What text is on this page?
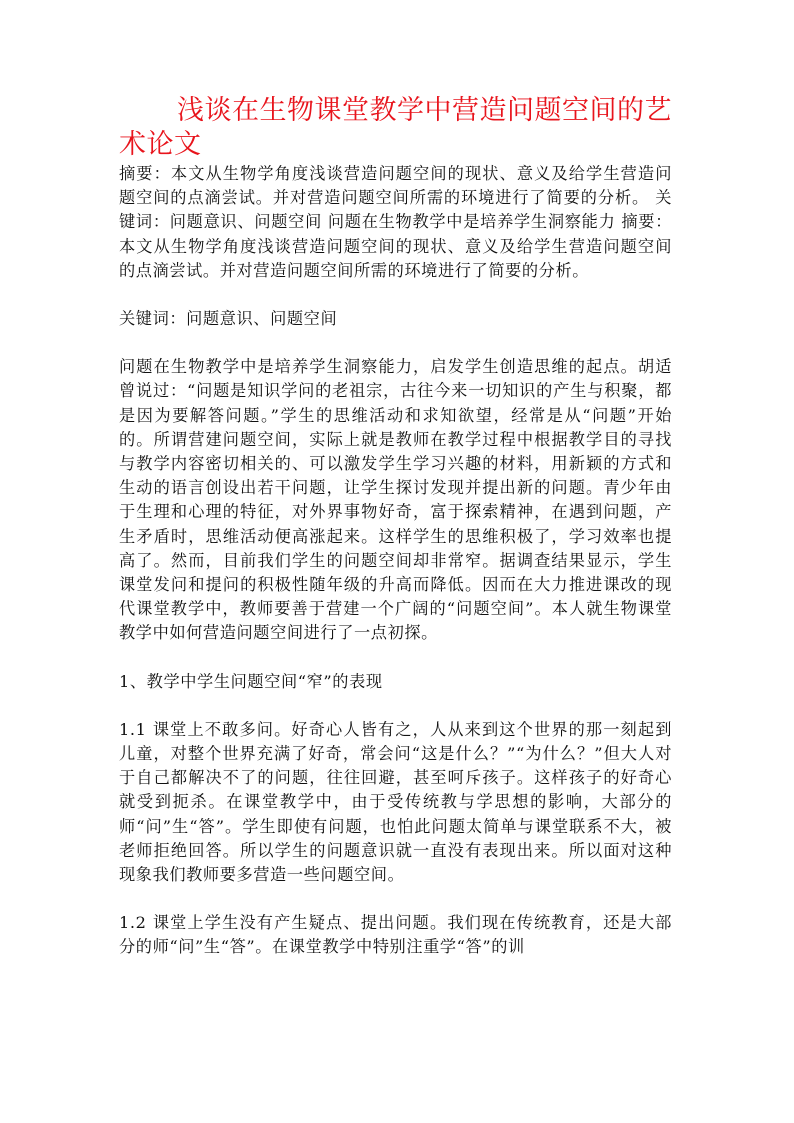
浅谈在生物课堂教学中营造问题空间的艺术论文

摘要：本文从生物学角度浅谈营造问题空间的现状、意义及给学生营造问题空间的点滴尝试。并对营造问题空间所需的环境进行了简要的分析。 关键词：问题意识、问题空间 问题在生物教学中是培养学生洞察能力 摘要：本文从生物学角度浅谈营造问题空间的现状、意义及给学生营造问题空间的点滴尝试。并对营造问题空间所需的环境进行了简要的分析。

关键词：问题意识、问题空间

问题在生物教学中是培养学生洞察能力，启发学生创造思维的起点。胡适曾说过：“问题是知识学问的老祖宗，古往今来一切知识的产生与积聚，都是因为要解答问题。”学生的思维活动和求知欲望，经常是从“问题”开始的。所谓营建问题空间，实际上就是教师在教学过程中根据教学目的寻找与教学内容密切相关的、可以激发学生学习兴趣的材料，用新颖的方式和生动的语言创设出若干问题，让学生探讨发现并提出新的问题。青少年由于生理和心理的特征，对外界事物好奇，富于探索精神，在遇到问题，产生矛盾时，思维活动便高涨起来。这样学生的思维积极了，学习效率也提高了。然而，目前我们学生的问题空间却非常窄。据调查结果显示，学生课堂发问和提问的积极性随年级的升高而降低。因而在大力推进课改的现代课堂教学中，教师要善于营建一个广阔的“问题空间”。本人就生物课堂教学中如何营造问题空间进行了一点初探。

1、教学中学生问题空间“窄”的表现

1.1 课堂上不敢多问。好奇心人皆有之，人从来到这个世界的那一刻起到儿童，对整个世界充满了好奇，常会问“这是什么？”“为什么？”但大人对于自己都解决不了的问题，往往回避，甚至呵斥孩子。这样孩子的好奇心就受到扼杀。在课堂教学中，由于受传统教与学思想的影响，大部分的师“问”生“答”。学生即使有问题，也怕此问题太简单与课堂联系不大，被老师拒绝回答。所以学生的问题意识就一直没有表现出来。所以面对这种现象我们教师要多营造一些问题空间。

1.2 课堂上学生没有产生疑点、提出问题。我们现在传统教育，还是大部分的师“问”生“答”。在课堂教学中特别注重学“答”的训
